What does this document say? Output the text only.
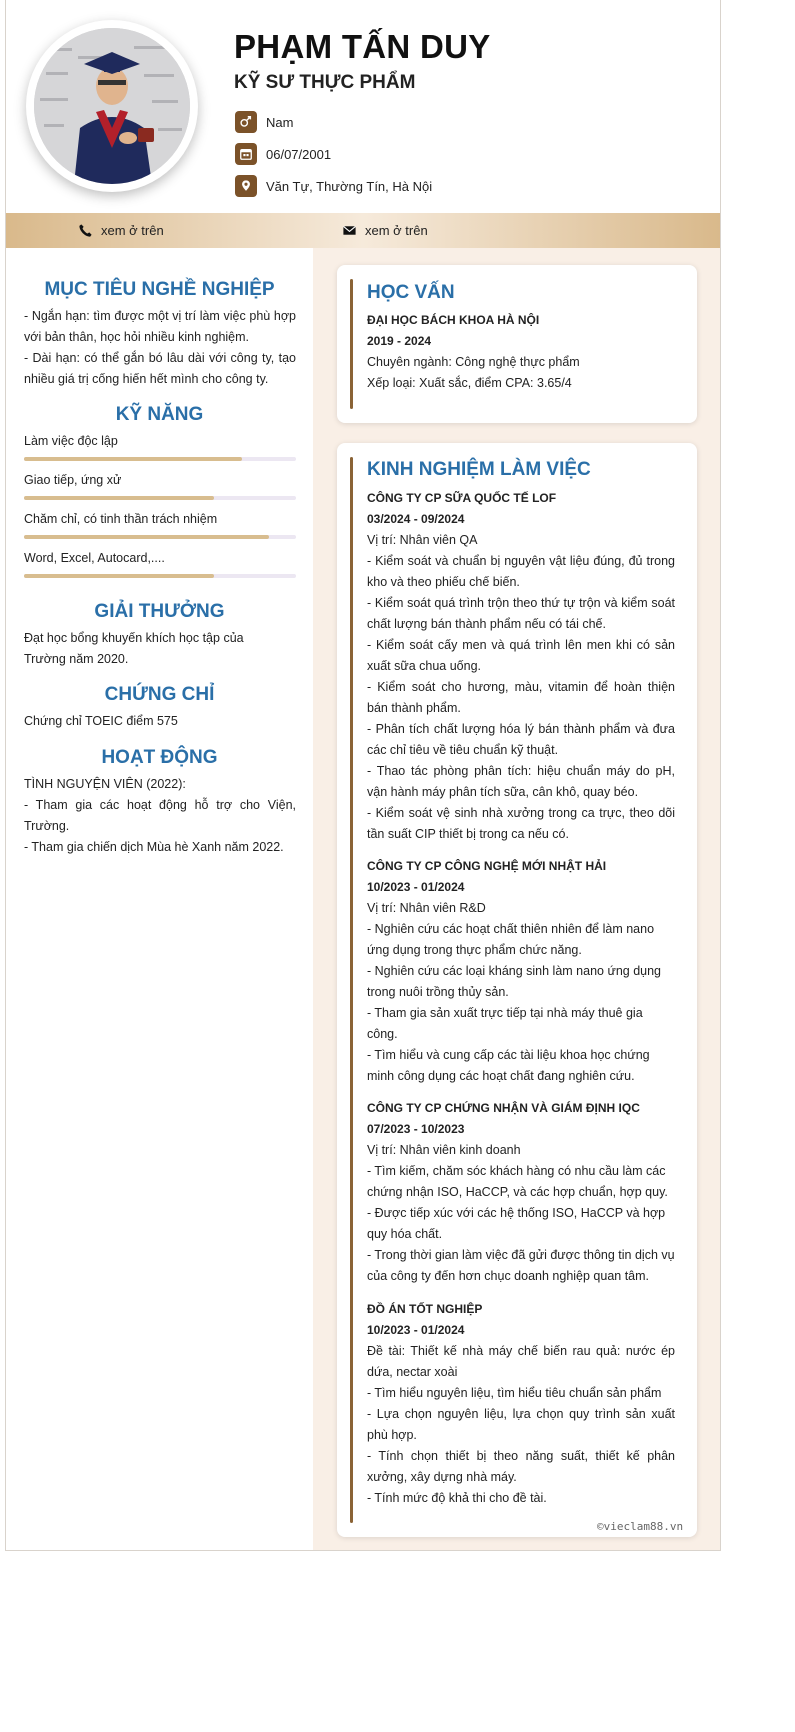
PHẠM TẤN DUY
KỸ SƯ THỰC PHẨM
Nam
06/07/2001
Văn Tự, Thường Tín, Hà Nội
xem ở trên	xem ở trên
MỤC TIÊU NGHỀ NGHIỆP
- Ngắn hạn: tìm được một vị trí làm việc phù hợp với bản thân, học hỏi nhiều kinh nghiệm.
- Dài hạn: có thể gắn bó lâu dài với công ty, tạo nhiều giá trị cống hiến hết mình cho công ty.
KỸ NĂNG
Làm việc độc lập
Giao tiếp, ứng xử
Chăm chỉ, có tinh thần trách nhiệm
Word, Excel, Autocard,....
GIẢI THƯỞNG
Đạt học bổng khuyến khích học tập của Trường năm 2020.
CHỨNG CHỈ
Chứng chỉ TOEIC điểm 575
HOẠT ĐỘNG
TÌNH NGUYỆN VIÊN (2022):
- Tham gia các hoạt động hỗ trợ cho Viện, Trường.
- Tham gia chiến dịch Mùa hè Xanh năm 2022.
HỌC VẤN
ĐẠI HỌC BÁCH KHOA HÀ NỘI
2019 - 2024
Chuyên ngành: Công nghệ thực phẩm
Xếp loại: Xuất sắc, điểm CPA: 3.65/4
KINH NGHIỆM LÀM VIỆC
CÔNG TY CP SỮA QUỐC TẾ LOF
03/2024 - 09/2024
Vị trí: Nhân viên QA
- Kiểm soát và chuẩn bị nguyên vật liệu đúng, đủ trong kho và theo phiếu chế biến.
- Kiểm soát quá trình trộn theo thứ tự trộn và kiểm soát chất lượng bán thành phẩm nếu có tái chế.
- Kiểm soát cấy men và quá trình lên men khi có sản xuất sữa chua uống.
- Kiểm soát cho hương, màu, vitamin để hoàn thiện bán thành phẩm.
- Phân tích chất lượng hóa lý bán thành phẩm và đưa các chỉ tiêu về tiêu chuẩn kỹ thuật.
- Thao tác phòng phân tích: hiệu chuẩn máy do pH, vận hành máy phân tích sữa, cân khô, quay béo.
- Kiểm soát vệ sinh nhà xưởng trong ca trực, theo dõi tần suất CIP thiết bị trong ca nếu có.
CÔNG TY CP CÔNG NGHỆ MỚI NHẬT HẢI
10/2023 - 01/2024
Vị trí: Nhân viên R&D
- Nghiên cứu các hoạt chất thiên nhiên để làm nano ứng dụng trong thực phẩm chức năng.
- Nghiên cứu các loại kháng sinh làm nano ứng dụng trong nuôi trồng thủy sản.
- Tham gia sản xuất trực tiếp tại nhà máy thuê gia công.
- Tìm hiểu và cung cấp các tài liệu khoa học chứng minh công dụng các hoạt chất đang nghiên cứu.
CÔNG TY CP CHỨNG NHẬN VÀ GIÁM ĐỊNH IQC
07/2023 - 10/2023
Vị trí: Nhân viên kinh doanh
- Tìm kiếm, chăm sóc khách hàng có nhu cầu làm các chứng nhận ISO, HaCCP, và các hợp chuẩn, hợp quy.
- Được tiếp xúc với các hệ thống ISO, HaCCP và hợp quy hóa chất.
- Trong thời gian làm việc đã gửi được thông tin dịch vụ của công ty đến hơn chục doanh nghiệp quan tâm.
ĐỒ ÁN TỐT NGHIỆP
10/2023 - 01/2024
Đề tài: Thiết kế nhà máy chế biến rau quả: nước ép dứa, nectar xoài
- Tìm hiểu nguyên liệu, tìm hiểu tiêu chuẩn sản phẩm
- Lựa chọn nguyên liệu, lựa chọn quy trình sản xuất phù hợp.
- Tính chọn thiết bị theo năng suất, thiết kế phân xưởng, xây dựng nhà máy.
- Tính mức độ khả thi cho đề tài.
©vieclam88.vn
